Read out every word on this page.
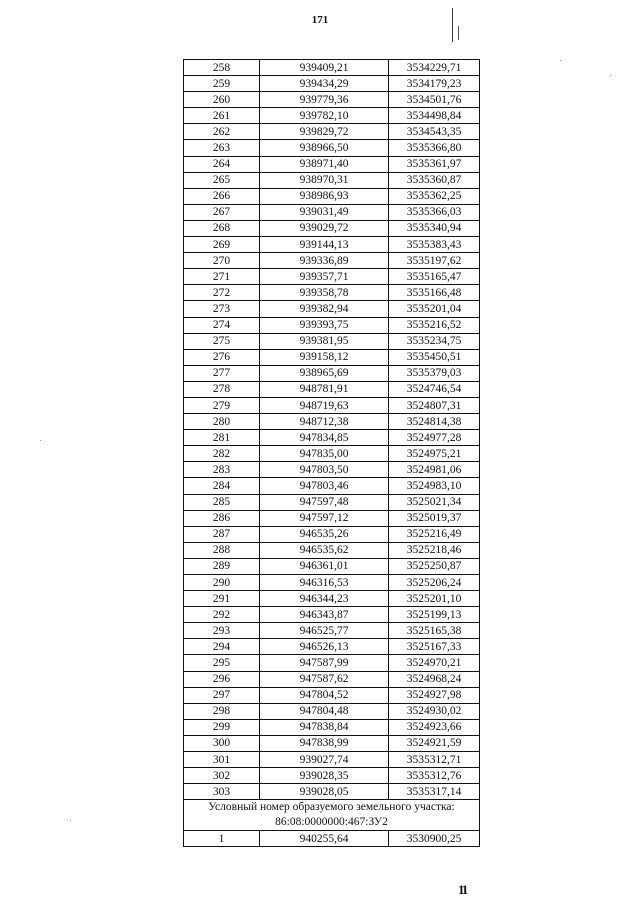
171
258	939409,21	3534229,71
259	939434,29	3534179,23
260	939779,36	3534501,76
261	939782,10	3534498,84
262	939829,72	3534543,35
263	938966,50	3535366,80
264	938971,40	3535361,97
265	938970,31	3535360,87
266	938986,93	3535362,25
267	939031,49	3535366,03
268	939029,72	3535340,94
269	939144,13	3535383,43
270	939336,89	3535197,62
271	939357,71	3535165,47
272	939358,78	3535166,48
273	939382,94	3535201,04
274	939393,75	3535216,52
275	939381,95	3535234,75
276	939158,12	3535450,51
277	938965,69	3535379,03
278	948781,91	3524746,54
279	948719,63	3524807,31
280	948712,38	3524814,38
281	947834,85	3524977,28
282	947835,00	3524975,21
283	947803,50	3524981,06
284	947803,46	3524983,10
285	947597,48	3525021,34
286	947597,12	3525019,37
287	946535,26	3525216,49
288	946535,62	3525218,46
289	946361,01	3525250,87
290	946316,53	3525206,24
291	946344,23	3525201,10
292	946343,87	3525199,13
293	946525,77	3525165,38
294	946526,13	3525167,33
295	947587,99	3524970,21
296	947587,62	3524968,24
297	947804,52	3524927,98
298	947804,48	3524930,02
299	947838,84	3524923,66
300	947838,99	3524921,59
301	939027,74	3535312,71
302	939028,35	3535312,76
303	939028,05	3535317,14
Условный номер образуемого земельного участка:
86:08:0000000:467:ЗУ2		
1	940255,64	3530900,25
11
